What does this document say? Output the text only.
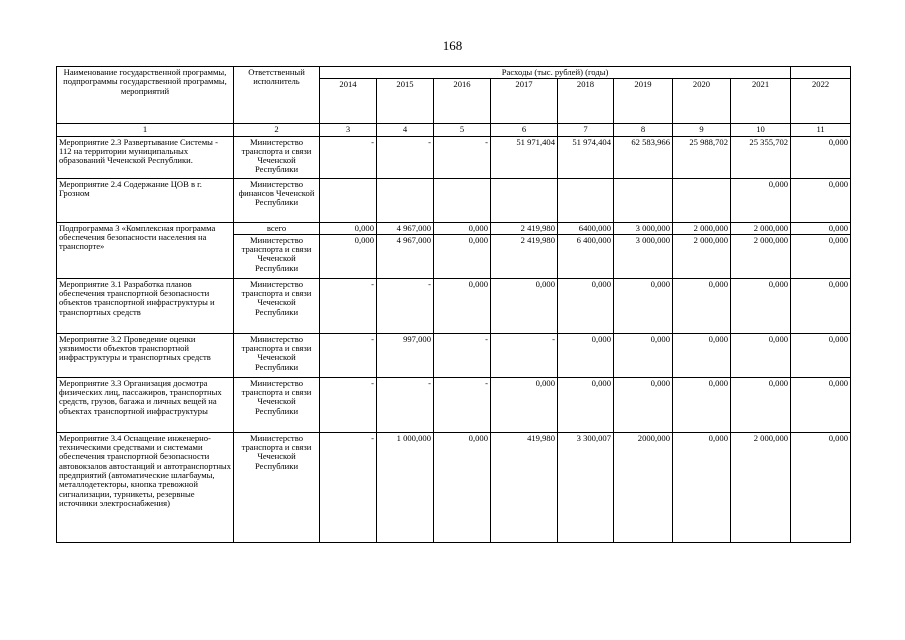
168
Наименование государственной программы, подпрограммы государственной программы, мероприятий	Ответственный исполнитель	Расходы (тыс. рублей) (годы)								
		2014	2015	2016	2017	2018	2019	2020	2021	2022
1	2	3	4	5	6	7	8	9	10	11
Мероприятие 2.3 Развертывание Системы - 112 на территории муниципальных образований Чеченской Республики.	Министерство транспорта и связи Чеченской Республики	-	-	-	51 971,404	51 974,404	62 583,966	25 988,702	25 355,702	0,000
Мероприятие 2.4 Содержание ЦОВ в г. Грозном	Министерство финансов Чеченской Республики								0,000	0,000
Подпрограмма 3 «Комплексная программа обеспечения безопасности населения на транспорте»	всего	0,000	4 967,000	0,000	2 419,980	6400,000	3 000,000	2 000,000	2 000,000	0,000
	Министерство транспорта и связи Чеченской Республики	0,000	4 967,000	0,000	2 419,980	6 400,000	3 000,000	2 000,000	2 000,000	0,000
Мероприятие 3.1 Разработка планов обеспечения транспортной безопасности объектов транспортной инфраструктуры и транспортных средств	Министерство транспорта и связи Чеченской Республики	-	-	0,000	0,000	0,000	0,000	0,000	0,000	0,000
Мероприятие 3.2 Проведение оценки уязвимости объектов транспортной инфраструктуры и транспортных средств	Министерство транспорта и связи Чеченской Республики	-	997,000	-	-	0,000	0,000	0,000	0,000	0,000
Мероприятие 3.3 Организация досмотра физических лиц, пассажиров, транспортных средств, грузов, багажа и личных вещей на объектах транспортной инфраструктуры	Министерство транспорта и связи Чеченской Республики	-	-	-	0,000	0,000	0,000	0,000	0,000	0,000
Мероприятие 3.4 Оснащение инженерно-техническими средствами и системами обеспечения транспортной безопасности автовокзалов автостанций и автотранспортных предприятий (автоматические шлагбаумы, металлодетекторы, кнопка тревожной сигнализации, турникеты, резервные источники электроснабжения)	Министерство транспорта и связи Чеченской Республики	-	1 000,000	0,000	419,980	3 300,007	2000,000	0,000	2 000,000	0,000
